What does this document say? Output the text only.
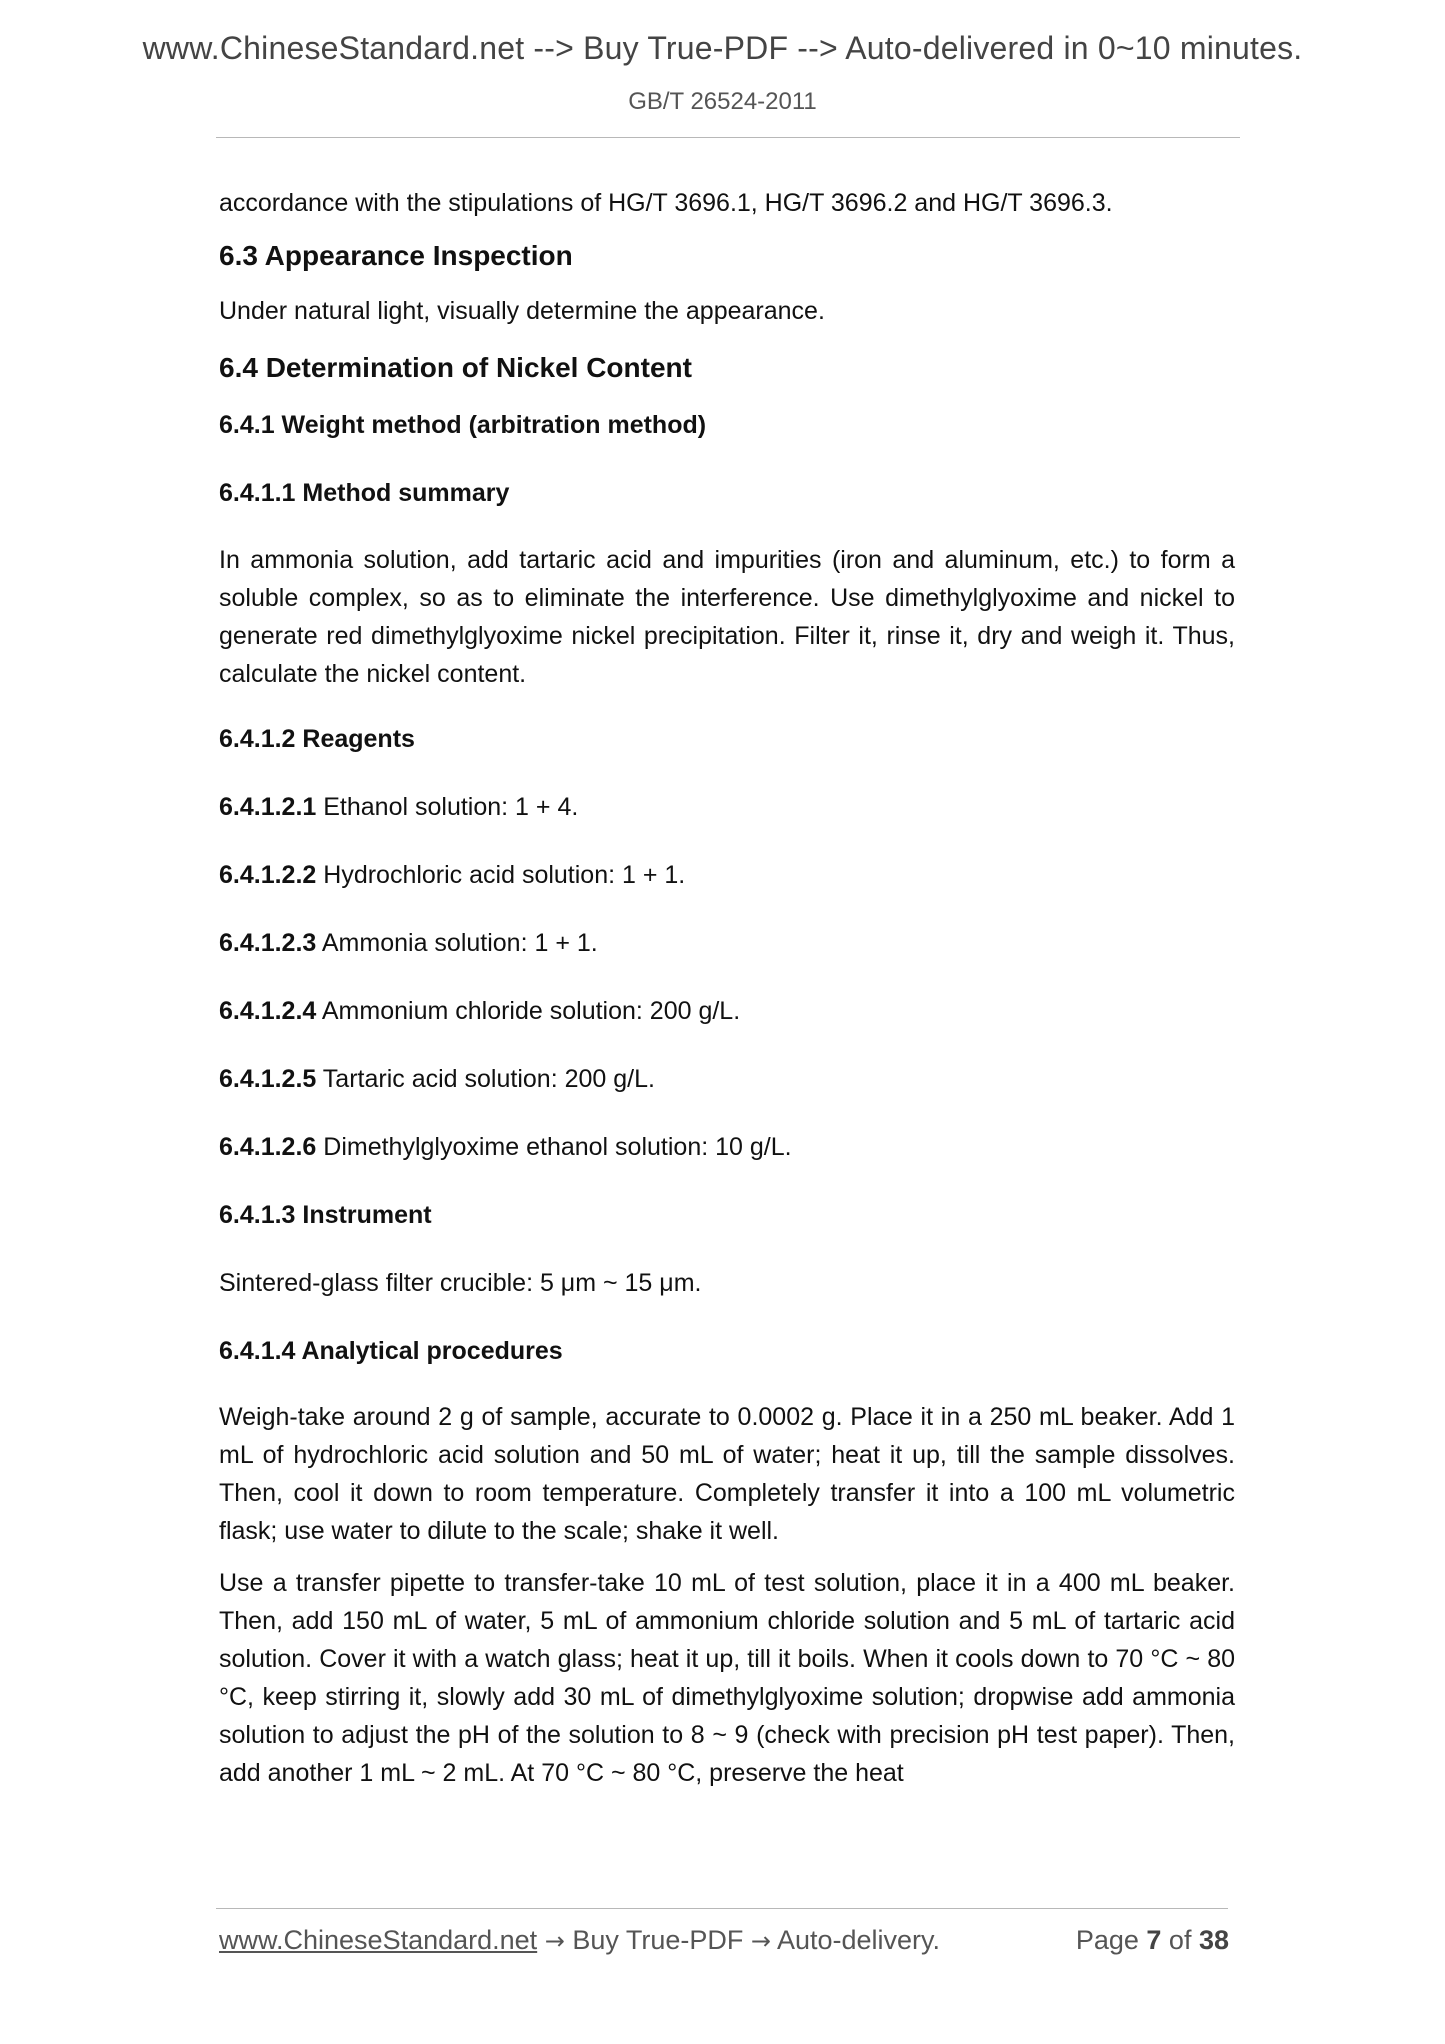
www.ChineseStandard.net --> Buy True-PDF --> Auto-delivered in 0~10 minutes.
GB/T 26524-2011

accordance with the stipulations of HG/T 3696.1, HG/T 3696.2 and HG/T 3696.3.

6.3 Appearance Inspection

Under natural light, visually determine the appearance.

6.4 Determination of Nickel Content

6.4.1 Weight method (arbitration method)

6.4.1.1 Method summary

In ammonia solution, add tartaric acid and impurities (iron and aluminum, etc.) to form a soluble complex, so as to eliminate the interference. Use dimethylglyoxime and nickel to generate red dimethylglyoxime nickel precipitation. Filter it, rinse it, dry and weigh it. Thus, calculate the nickel content.

6.4.1.2 Reagents

6.4.1.2.1 Ethanol solution: 1 + 4.

6.4.1.2.2 Hydrochloric acid solution: 1 + 1.

6.4.1.2.3 Ammonia solution: 1 + 1.

6.4.1.2.4 Ammonium chloride solution: 200 g/L.

6.4.1.2.5 Tartaric acid solution: 200 g/L.

6.4.1.2.6 Dimethylglyoxime ethanol solution: 10 g/L.

6.4.1.3 Instrument

Sintered-glass filter crucible: 5 μm ~ 15 μm.

6.4.1.4 Analytical procedures

Weigh-take around 2 g of sample, accurate to 0.0002 g. Place it in a 250 mL beaker. Add 1 mL of hydrochloric acid solution and 50 mL of water; heat it up, till the sample dissolves. Then, cool it down to room temperature. Completely transfer it into a 100 mL volumetric flask; use water to dilute to the scale; shake it well.

Use a transfer pipette to transfer-take 10 mL of test solution, place it in a 400 mL beaker. Then, add 150 mL of water, 5 mL of ammonium chloride solution and 5 mL of tartaric acid solution. Cover it with a watch glass; heat it up, till it boils. When it cools down to 70 °C ~ 80 °C, keep stirring it, slowly add 30 mL of dimethylglyoxime solution; dropwise add ammonia solution to adjust the pH of the solution to 8 ~ 9 (check with precision pH test paper). Then, add another 1 mL ~ 2 mL. At 70 °C ~ 80 °C, preserve the heat

www.ChineseStandard.net → Buy True-PDF → Auto-delivery.	Page 7 of 38
